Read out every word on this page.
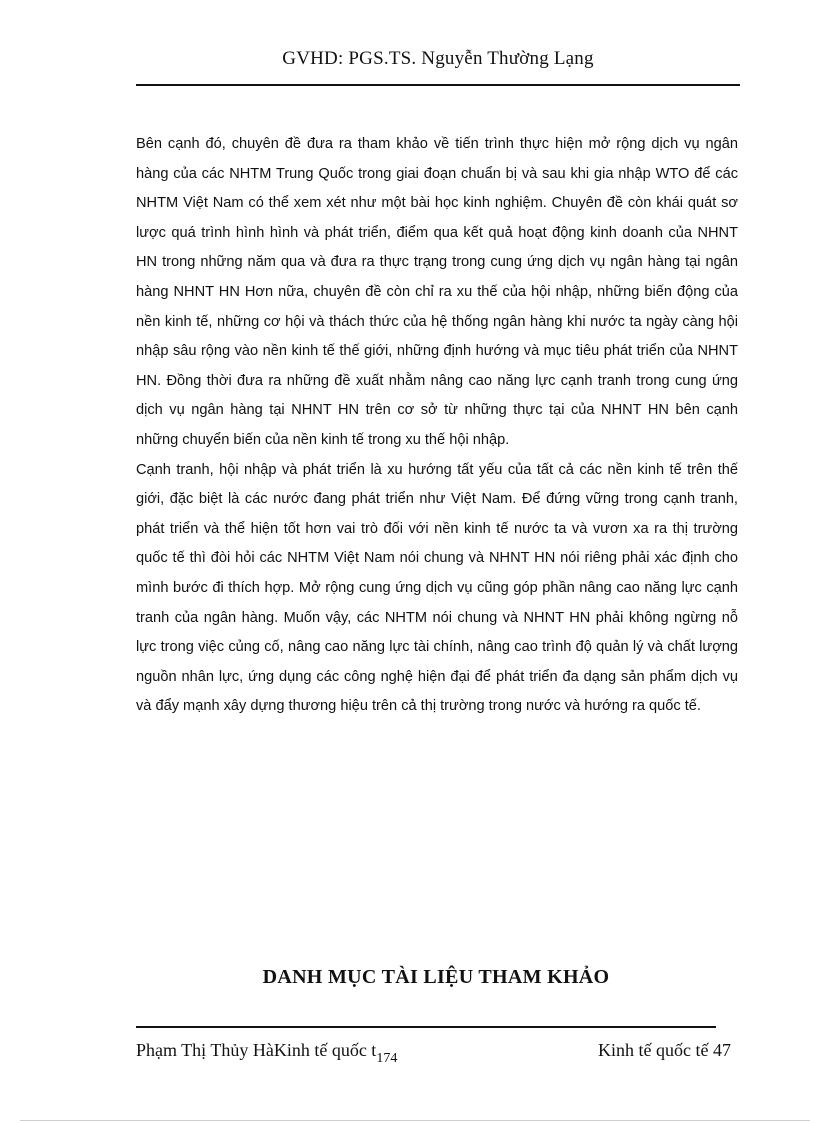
GVHD: PGS.TS. Nguyễn Thường Lạng

Bên cạnh đó, chuyên đề đưa ra tham khảo về tiến trình thực hiện mở rộng dịch vụ ngân hàng của các NHTM Trung Quốc trong giai đoạn chuẩn bị và sau khi gia nhập WTO để các NHTM Việt Nam có thể xem xét như một bài học kinh nghiệm. Chuyên đề còn khái quát sơ lược quá trình hình hình và phát triển, điểm qua kết quả hoạt động kinh doanh của NHNT HN trong những năm qua và đưa ra thực trạng trong cung ứng dịch vụ ngân hàng tại ngân hàng NHNT HN Hơn nữa, chuyên đề còn chỉ ra xu thế của hội nhập, những biến động của nền kinh tế, những cơ hội và thách thức của hệ thống ngân hàng khi nước ta ngày càng hội nhập sâu rộng vào nền kinh tế thế giới, những định hướng và mục tiêu phát triển của NHNT HN. Đồng thời đưa ra những đề xuất nhằm nâng cao năng lực cạnh tranh trong cung ứng dịch vụ ngân hàng tại NHNT HN trên cơ sở từ những thực tại của NHNT HN bên cạnh những chuyển biến của nền kinh tế trong xu thế hội nhập.

Cạnh tranh, hội nhập và phát triển là xu hướng tất yếu của tất cả các nền kinh tế trên thế giới, đặc biệt là các nước đang phát triển như Việt Nam. Để đứng vững trong cạnh tranh, phát triển và thể hiện tốt hơn vai trò đối với nền kinh tế nước ta và vươn xa ra thị trường quốc tế thì đòi hỏi các NHTM Việt Nam nói chung và NHNT HN nói riêng phải xác định cho mình bước đi thích hợp. Mở rộng cung ứng dịch vụ cũng góp phần nâng cao năng lực cạnh tranh của ngân hàng. Muốn vậy, các NHTM nói chung và NHNT HN phải không ngừng nỗ lực trong việc củng cố, nâng cao năng lực tài chính, nâng cao trình độ quản lý và chất lượng nguồn nhân lực, ứng dụng các công nghệ hiện đại để phát triển đa dạng sản phẩm dịch vụ và đẩy mạnh xây dựng thương hiệu trên cả thị trường trong nước và hướng ra quốc tế.

DANH MỤC TÀI LIỆU THAM KHẢO
Phạm Thị Thủy HàKinh tế quốc $t_{174}$	Kinh tế quốc tế 47
